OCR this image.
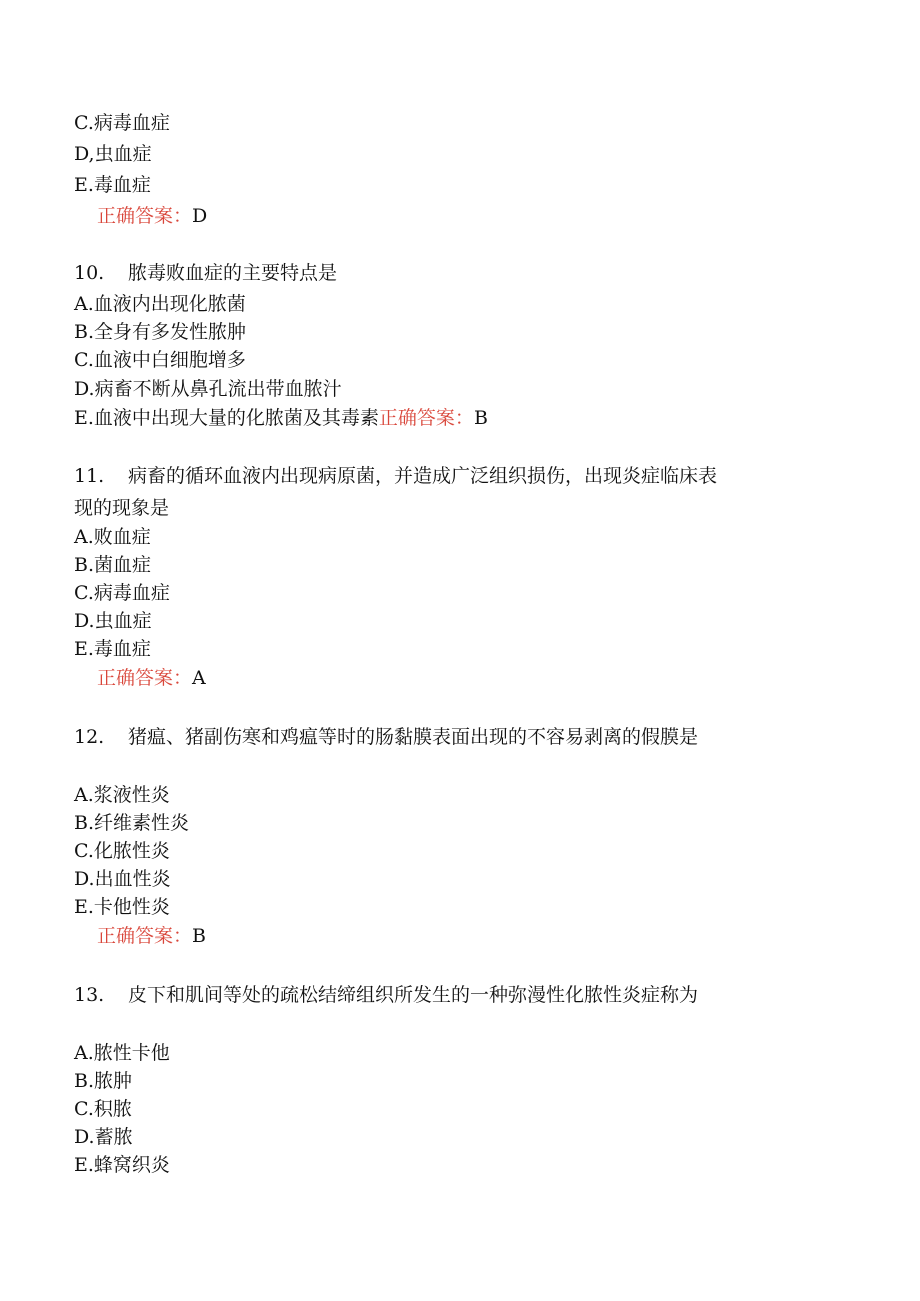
C.病毒血症
D,虫血症
E.毒血症
正确答案：D
10. 脓毒败血症的主要特点是
A.血液内出现化脓菌
B.全身有多发性脓肿
C.血液中白细胞增多
D.病畜不断从鼻孔流出带血脓汁
E.血液中出现大量的化脓菌及其毒素正确答案：B
11. 病畜的循环血液内出现病原菌，并造成广泛组织损伤，出现炎症临床表
现的现象是
A.败血症
B.菌血症
C.病毒血症
D.虫血症
E.毒血症
正确答案：A
12. 猪瘟、猪副伤寒和鸡瘟等时的肠黏膜表面出现的不容易剥离的假膜是
A.浆液性炎
B.纤维素性炎
C.化脓性炎
D.出血性炎
E.卡他性炎
正确答案：B
13. 皮下和肌间等处的疏松结缔组织所发生的一种弥漫性化脓性炎症称为
A.脓性卡他
B.脓肿
C.积脓
D.蓄脓
E.蜂窝织炎
